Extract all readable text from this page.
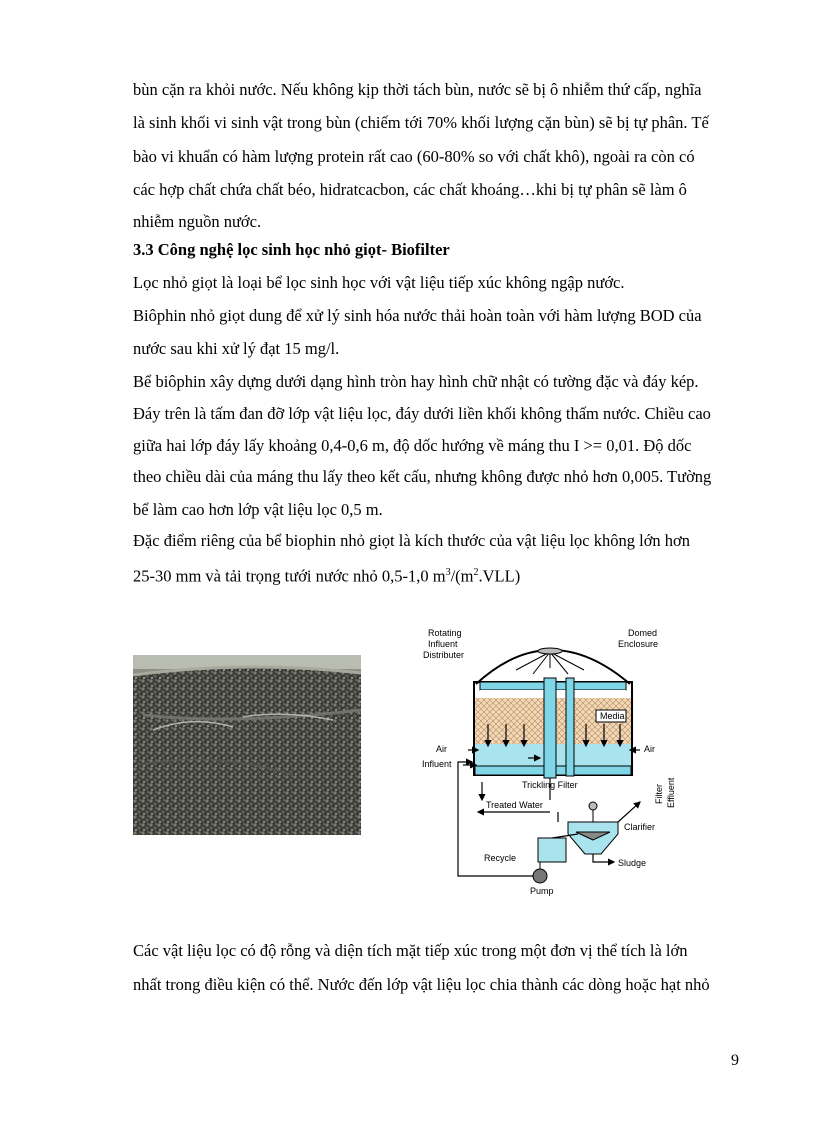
bùn cặn ra khỏi nước. Nếu không kịp thời tách bùn, nước sẽ bị ô nhiễm thứ cấp, nghĩa
là sinh khối vi sinh vật trong bùn (chiếm tới 70% khối lượng cặn bùn) sẽ bị tự phân. Tế
bào vi khuẩn có hàm lượng protein rất cao (60-80% so với chất khô), ngoài ra còn có
các hợp chất chứa chất béo, hidratcacbon, các chất khoáng…khi bị tự phân sẽ làm ô
nhiễm nguồn nước.
3.3 Công nghệ lọc sinh học nhỏ giọt- Biofilter
Lọc nhỏ giọt là loại bể lọc sinh học với vật liệu tiếp xúc không ngập nước.
Biôphin nhỏ giọt dung để xử lý sinh hóa nước thải hoàn toàn với hàm lượng BOD của
nước sau khi xử lý đạt 15 mg/l.
Bể biôphin xây dựng dưới dạng hình tròn hay hình chữ nhật có tường đặc và đáy kép.
Đáy trên là tấm đan đỡ lớp vật liệu lọc, đáy dưới liền khối không thấm nước. Chiều cao
giữa hai lớp đáy lấy khoảng 0,4-0,6 m, độ dốc hướng về máng thu I >= 0,01. Độ dốc
theo chiều dài của máng thu lấy theo kết cấu, nhưng không được nhỏ hơn 0,005. Tường
bể làm cao hơn lớp vật liệu lọc 0,5 m.
Đặc điểm riêng của bể biophin nhỏ giọt là kích thước của vật liệu lọc không lớn hơn
25-30 mm và tải trọng tưới nước nhỏ 0,5-1,0 $m^3/(m^2.VLL)$
Rotating
Influent
Distributer
Domed
Enclosure
Media
Air	Air
Influent
Trickling Filter
Treated Water
Clarifier
Recycle	Sludge
Pump
Filter Effluent
Các vật liệu lọc có độ rỗng và diện tích mặt tiếp xúc trong một đơn vị thể tích là lớn
nhất trong điều kiện có thể. Nước đến lớp vật liệu lọc chia thành các dòng hoặc hạt nhỏ
9
